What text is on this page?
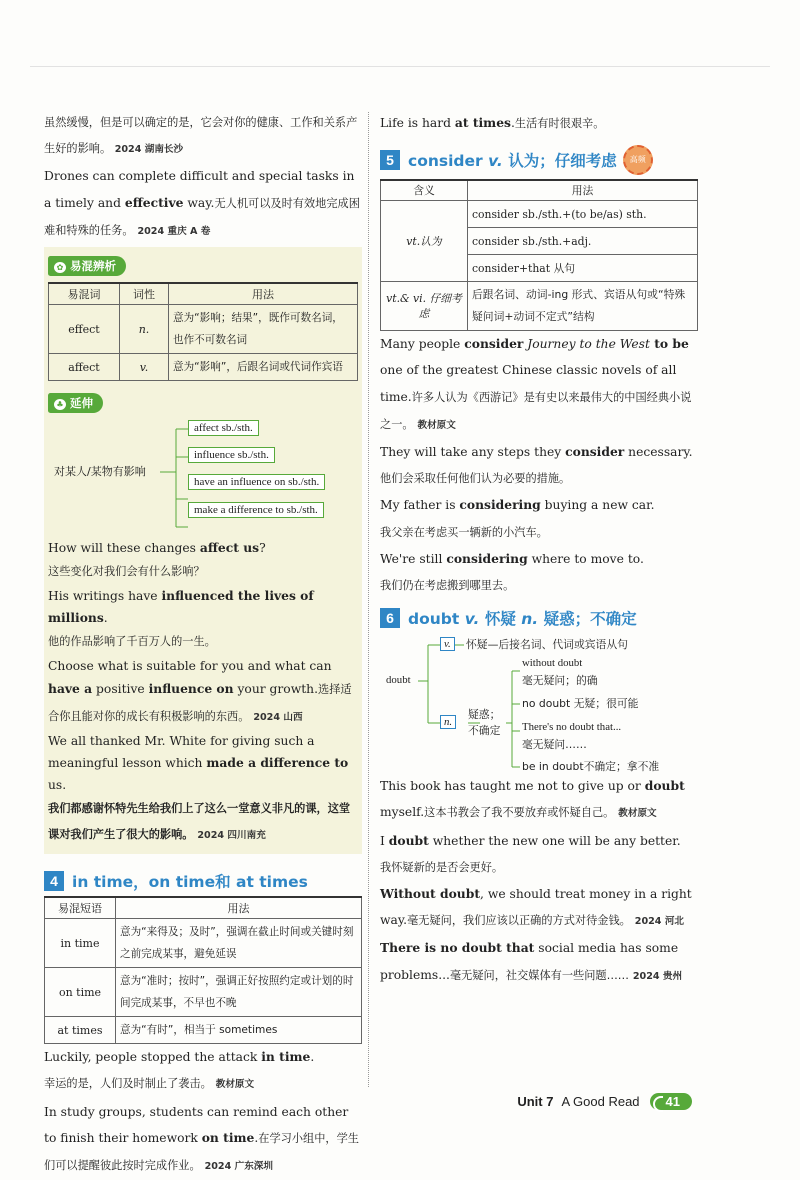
虽然缓慢，但是可以确定的是，它会对你的健康、工作和关系产生好的影响。 2024 湖南长沙

Drones can complete difficult and special tasks in a timely and effective way.无人机可以及时有效地完成困难和特殊的任务。 2024 重庆 A 卷

✿ 易混辨析
易混词	词性	用法
effect	n.	意为“影响；结果”，既作可数名词，也作不可数名词
affect	v.	意为“影响”，后跟名词或代词作宾语
♣ 延伸
对某人/某物有影响
affect sb./sth.
influence sb./sth.
have an influence on sb./sth.
make a difference to sb./sth.

How will these changes affect us?
这些变化对我们会有什么影响？

His writings have influenced the lives of millions.
他的作品影响了千百万人的一生。

Choose what is suitable for you and what can have a positive influence on your growth.选择适合你且能对你的成长有积极影响的东西。 2024 山西

We all thanked Mr. White for giving such a meaningful lesson which made a difference to us.
我们都感谢怀特先生给我们上了这么一堂意义非凡的课，这堂课对我们产生了很大的影响。 2024 四川南充

4 in time，on time和 at times
易混短语	用法
in time	意为“来得及；及时”，强调在截止时间或关键时刻之前完成某事，避免延误
on time	意为“准时；按时”，强调正好按照约定或计划的时间完成某事，不早也不晚
at times	意为“有时”，相当于 sometimes

Luckily, people stopped the attack in time.
幸运的是，人们及时制止了袭击。 教材原文

In study groups, students can remind each other to finish their homework on time.在学习小组中，学生们可以提醒彼此按时完成作业。 2024 广东深圳

Life is hard at times.生活有时很艰辛。

5 consider v. 认为；仔细考虑	高频
含义	用法
vt.认为	consider sb./sth.+(to be/as) sth.
	consider sb./sth.+adj.
	consider+that 从句
vt.& vi. 仔细考虑	后跟名词、动词-ing 形式、宾语从句或“特殊疑问词+动词不定式”结构

Many people consider Journey to the West to be one of the greatest Chinese classic novels of all time.许多人认为《西游记》是有史以来最伟大的中国经典小说之一。 教材原文

They will take any steps they consider necessary.
他们会采取任何他们认为必要的措施。

My father is considering buying a new car.
我父亲在考虑买一辆新的小汽车。

We're still considering where to move to.
我们仍在考虑搬到哪里去。

6 doubt v. 怀疑 n. 疑惑；不确定
doubt
v.	怀疑—后接名词、代词或宾语从句
n.
疑惑；
不确定
without doubt
毫无疑问；的确
no doubt 无疑；很可能
There's no doubt that...
毫无疑问……
be in doubt不确定；拿不准

This book has taught me not to give up or doubt myself.这本书教会了我不要放弃或怀疑自己。 教材原文

I doubt whether the new one will be any better.
我怀疑新的是否会更好。

Without doubt, we should treat money in a right way.毫无疑问，我们应该以正确的方式对待金钱。 2024 河北

There is no doubt that social media has some problems...毫无疑问，社交媒体有一些问题…… 2024 贵州

Unit 7 A Good Read	41
